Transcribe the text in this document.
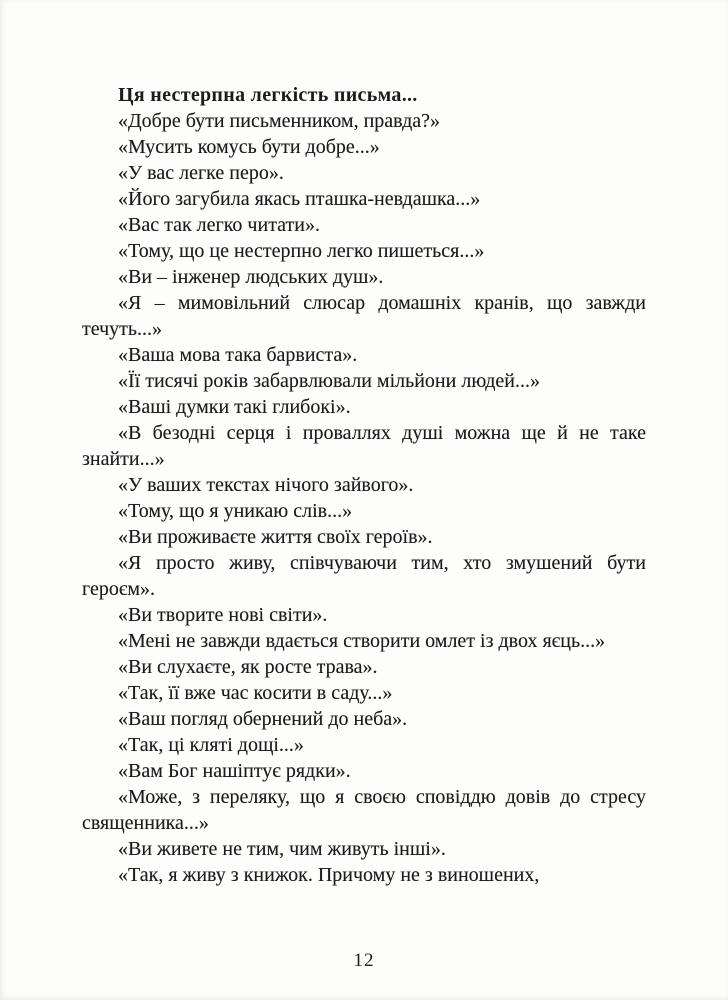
Ця нестерпна легкість письма...

«Добре бути письменником, правда?»

«Мусить комусь бути добре...»

«У вас легке перо».

«Його загубила якась пташка-невдашка...»

«Вас так легко читати».

«Тому, що це нестерпно легко пишеться...»

«Ви – інженер людських душ».

«Я – мимовільний слюсар домашніх кранів, що завжди течуть...»

«Ваша мова така барвиста».

«Її тисячі років забарвлювали мільйони людей...»

«Ваші думки такі глибокі».

«В безодні серця і проваллях душі можна ще й не таке знайти...»

«У ваших текстах нічого зайвого».

«Тому, що я уникаю слів...»

«Ви проживаєте життя своїх героїв».

«Я просто живу, співчуваючи тим, хто змушений бути героєм».

«Ви творите нові світи».

«Мені не завжди вдається створити омлет із двох яєць...»

«Ви слухаєте, як росте трава».

«Так, її вже час косити в саду...»

«Ваш погляд обернений до неба».

«Так, ці кляті дощі...»

«Вам Бог нашіптує рядки».

«Може, з переляку, що я своєю сповіддю довів до стресу священника...»

«Ви живете не тим, чим живуть інші».

«Так, я живу з книжок. Причому не з виношених,

12
